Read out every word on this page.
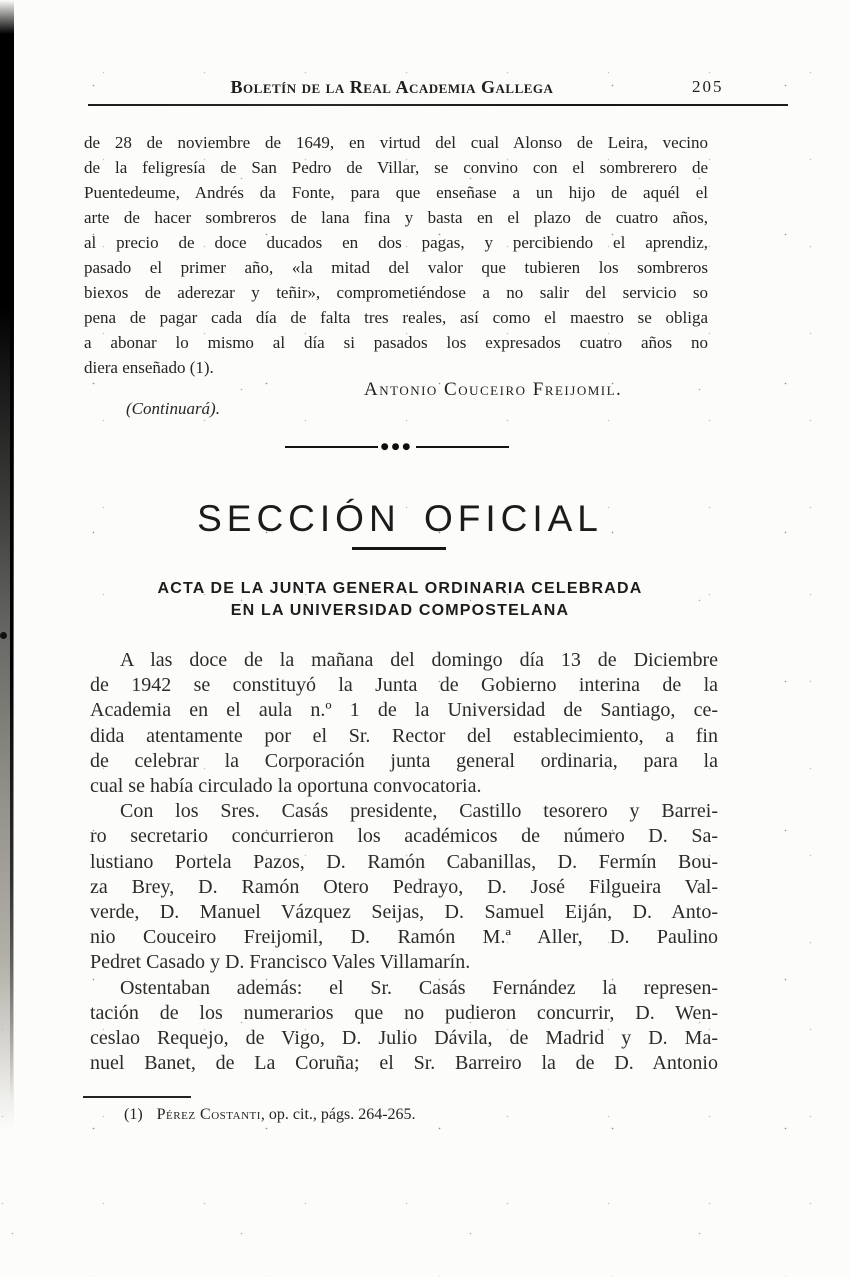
Boletín de la Real Academia Gallega	205
de 28 de noviembre de 1649, en virtud del cual Alonso de Leira, vecino
de la feligresía de San Pedro de Villar, se convino con el sombrerero de
Puentedeume, Andrés da Fonte, para que enseñase a un hijo de aquél el
arte de hacer sombreros de lana fina y basta en el plazo de cuatro años,
al precio de doce ducados en dos pagas, y percibiendo el aprendiz,
pasado el primer año, «la mitad del valor que tubieren los sombreros
biexos de aderezar y teñir», comprometiéndose a no salir del servicio so
pena de pagar cada día de falta tres reales, así como el maestro se obliga
a abonar lo mismo al día si pasados los expresados cuatro años no
diera enseñado (1).
Antonio Couceiro Freijomil.
(Continuará).
●●●
SECCIÓN OFICIAL
ACTA DE LA JUNTA GENERAL ORDINARIA CELEBRADA
EN LA UNIVERSIDAD COMPOSTELANA
A las doce de la mañana del domingo día 13 de Diciembre
de 1942 se constituyó la Junta de Gobierno interina de la
Academia en el aula n.º 1 de la Universidad de Santiago, ce-
dida atentamente por el Sr. Rector del establecimiento, a fin
de celebrar la Corporación junta general ordinaria, para la
cual se había circulado la oportuna convocatoria.
Con los Sres. Casás presidente, Castillo tesorero y Barrei-
ro secretario concurrieron los académicos de número D. Sa-
lustiano Portela Pazos, D. Ramón Cabanillas, D. Fermín Bou-
za Brey, D. Ramón Otero Pedrayo, D. José Filgueira Val-
verde, D. Manuel Vázquez Seijas, D. Samuel Eiján, D. Anto-
nio Couceiro Freijomil, D. Ramón M.ª Aller, D. Paulino
Pedret Casado y D. Francisco Vales Villamarín.
Ostentaban además: el Sr. Casás Fernández la represen-
tación de los numerarios que no pudieron concurrir, D. Wen-
ceslao Requejo, de Vigo, D. Julio Dávila, de Madrid y D. Ma-
nuel Banet, de La Coruña; el Sr. Barreiro la de D. Antonio
(1) Pérez Costanti, op. cit., págs. 264-265.
